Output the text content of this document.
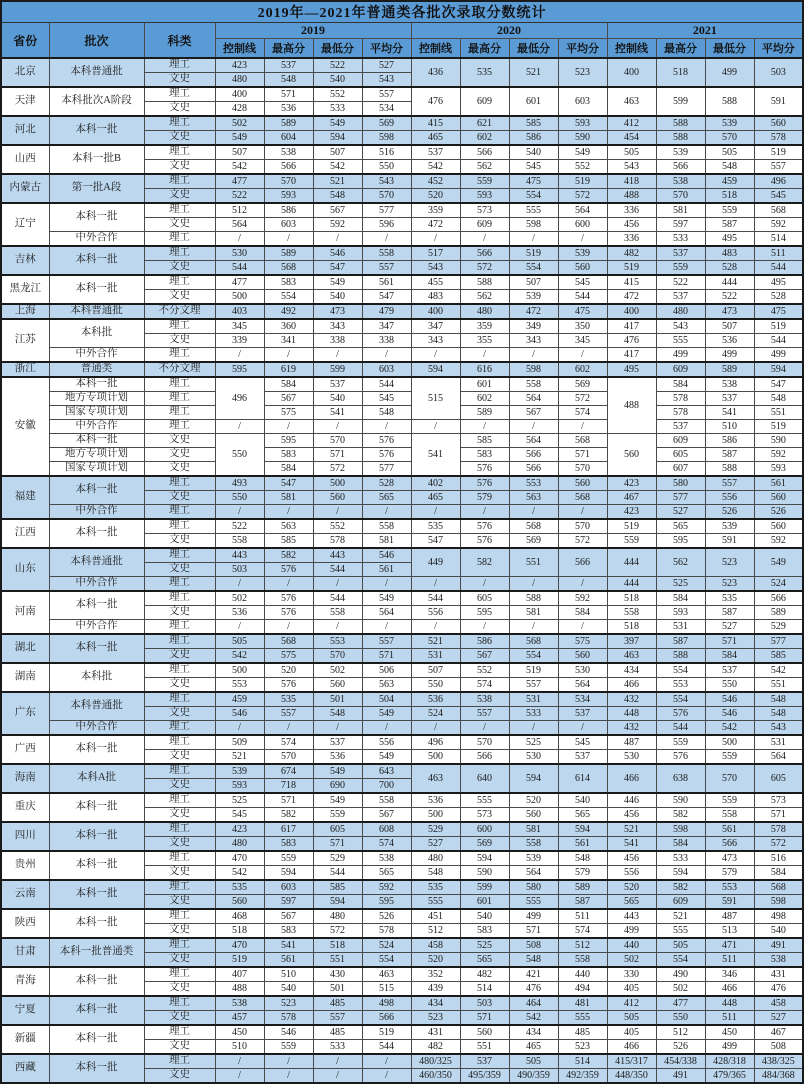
2019年—2021年普通类各批次录取分数统计														
省份	批次	科类	2019				2020				2021			
			控制线	最高分	最低分	平均分	控制线	最高分	最低分	平均分	控制线	最高分	最低分	平均分
北京	本科普通批	理工	423	537	522	527	436	535	521	523	400	518	499	503
		文史	480	548	540	543								
天津	本科批次A阶段	理工	400	571	552	557	476	609	601	603	463	599	588	591
		文史	428	536	533	534								
河北	本科一批	理工	502	589	549	569	415	621	585	593	412	588	539	560
		文史	549	604	594	598	465	602	586	590	454	588	570	578
山西	本科一批B	理工	507	538	507	516	537	566	540	549	505	539	505	519
		文史	542	566	542	550	542	562	545	552	543	566	548	557
内蒙古	第一批A段	理工	477	570	521	543	452	559	475	519	418	538	459	496
		文史	522	593	548	570	520	593	554	572	488	570	518	545
辽宁	本科一批	理工	512	586	567	577	359	573	555	564	336	581	559	568
		文史	564	603	592	596	472	609	598	600	456	597	587	592
	中外合作	理工	/	/	/	/	/	/	/	/	336	533	495	514
吉林	本科一批	理工	530	589	546	558	517	566	519	539	482	537	483	511
		文史	544	568	547	557	543	572	554	560	519	559	528	544
黑龙江	本科一批	理工	477	583	549	561	455	588	507	545	415	522	444	495
		文史	500	554	540	547	483	562	539	544	472	537	522	528
上海	本科普通批	不分文理	403	492	473	479	400	480	472	475	400	480	473	475
江苏	本科批	理工	345	360	343	347	347	359	349	350	417	543	507	519
		文史	339	341	338	338	343	355	343	345	476	555	536	544
	中外合作	理工	/	/	/	/	/	/	/	/	417	499	499	499
浙江	普通类	不分文理	595	619	599	603	594	616	598	602	495	609	589	594
安徽	本科一批	理工	496	584	537	544	515	601	558	569	488	584	538	547
	地方专项计划	理工		567	540	545		602	564	572		578	537	548
	国家专项计划	理工		575	541	548		589	567	574		578	541	551
	中外合作	理工	/	/	/	/	/	/	/	/		537	510	519
	本科一批	文史	550	595	570	576	541	585	564	568	560	609	586	590
	地方专项计划	文史		583	571	576		583	566	571		605	587	592
	国家专项计划	文史		584	572	577		576	566	570		607	588	593
福建	本科一批	理工	493	547	500	528	402	576	553	560	423	580	557	561
		文史	550	581	560	565	465	579	563	568	467	577	556	560
	中外合作	理工	/	/	/	/	/	/	/	/	423	527	526	526
江西	本科一批	理工	522	563	552	558	535	576	568	570	519	565	539	560
		文史	558	585	578	581	547	576	569	572	559	595	591	592
山东	本科普通批	理工	443	582	443	546	449	582	551	566	444	562	523	549
		文史	503	576	544	561								
	中外合作	理工	/	/	/	/	/	/	/	/	444	525	523	524
河南	本科一批	理工	502	576	544	549	544	605	588	592	518	584	535	566
		文史	536	576	558	564	556	595	581	584	558	593	587	589
	中外合作	理工	/	/	/	/	/	/	/	/	518	531	527	529
湖北	本科一批	理工	505	568	553	557	521	586	568	575	397	587	571	577
		文史	542	575	570	571	531	567	554	560	463	588	584	585
湖南	本科批	理工	500	520	502	506	507	552	519	530	434	554	537	542
		文史	553	576	560	563	550	574	557	564	466	553	550	551
广东	本科普通批	理工	459	535	501	504	536	538	531	534	432	554	546	548
		文史	546	557	548	549	524	557	533	537	448	576	546	548
	中外合作	理工	/	/	/	/	/	/	/	/	432	544	542	543
广西	本科一批	理工	509	574	537	556	496	570	525	545	487	559	500	531
		文史	521	570	536	549	500	566	530	537	530	576	559	564
海南	本科A批	理工	539	674	549	643	463	640	594	614	466	638	570	605
		文史	593	718	690	700								
重庆	本科一批	理工	525	571	549	558	536	555	520	540	446	590	559	573
		文史	545	582	559	567	500	573	560	565	456	582	558	571
四川	本科一批	理工	423	617	605	608	529	600	581	594	521	598	561	578
		文史	480	583	571	574	527	569	558	561	541	584	566	572
贵州	本科一批	理工	470	559	529	538	480	594	539	548	456	533	473	516
		文史	542	594	544	565	548	590	564	579	556	594	579	584
云南	本科一批	理工	535	603	585	592	535	599	580	589	520	582	553	568
		文史	560	597	594	595	555	601	555	587	565	609	591	598
陕西	本科一批	理工	468	567	480	526	451	540	499	511	443	521	487	498
		文史	518	583	572	578	512	583	571	574	499	555	513	540
甘肃	本科一批普通类	理工	470	541	518	524	458	525	508	512	440	505	471	491
		文史	519	561	551	554	520	565	548	558	502	554	511	538
青海	本科一批	理工	407	510	430	463	352	482	421	440	330	490	346	431
		文史	488	540	501	515	439	514	476	494	405	502	466	476
宁夏	本科一批	理工	538	523	485	498	434	503	464	481	412	477	448	458
		文史	457	578	557	566	523	571	542	555	505	550	511	527
新疆	本科一批	理工	450	546	485	519	431	560	434	485	405	512	450	467
		文史	510	559	533	544	482	551	465	523	466	526	499	508
西藏	本科一批	理工	/	/	/	/	480/325	537	505	514	415/317	454/338	428/318	438/325
		文史	/	/	/	/	460/350	495/359	490/359	492/359	448/350	491	479/365	484/368
